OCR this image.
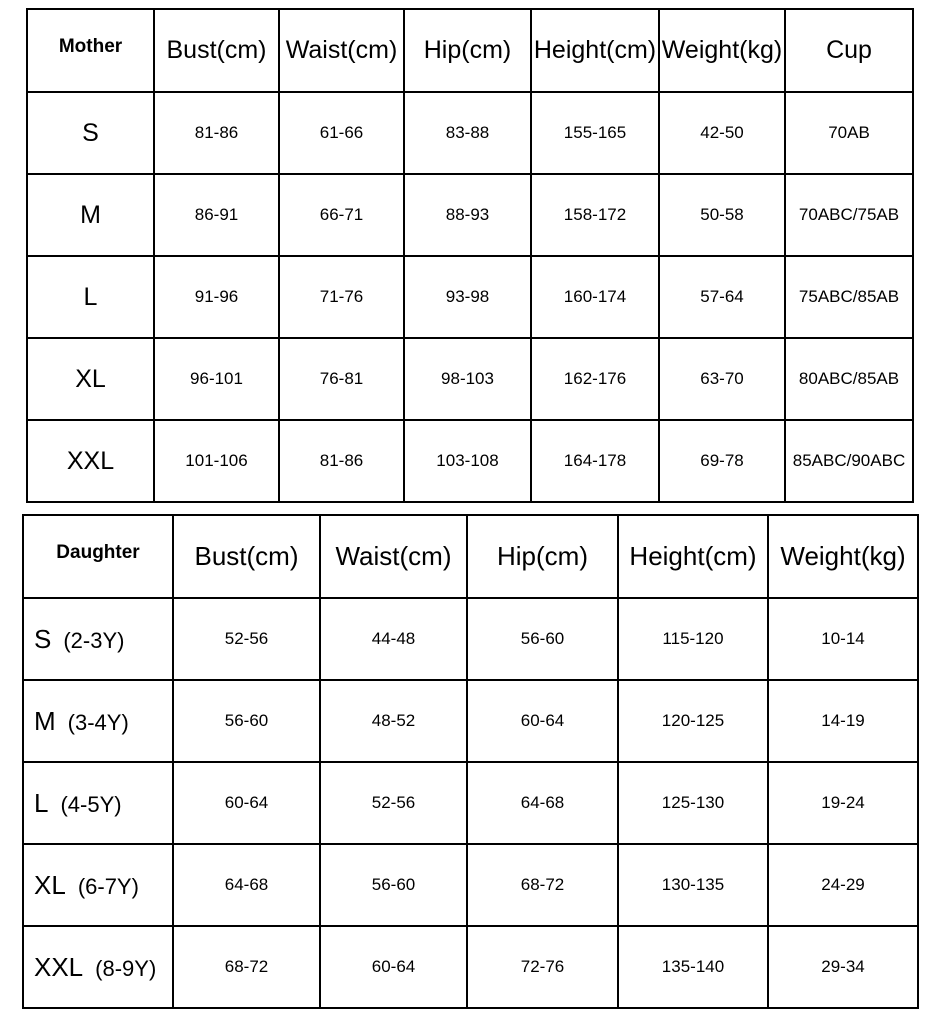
Mother	Bust(cm)	Waist(cm)	Hip(cm)	Height(cm)	Weight(kg)	Cup
S	81-86	61-66	83-88	155-165	42-50	70AB
M	86-91	66-71	88-93	158-172	50-58	70ABC/75AB
L	91-96	71-76	93-98	160-174	57-64	75ABC/85AB
XL	96-101	76-81	98-103	162-176	63-70	80ABC/85AB
XXL	101-106	81-86	103-108	164-178	69-78	85ABC/90ABC
Daughter	Bust(cm)	Waist(cm)	Hip(cm)	Height(cm)	Weight(kg)
S (2-3Y)	52-56	44-48	56-60	115-120	10-14
M (3-4Y)	56-60	48-52	60-64	120-125	14-19
L (4-5Y)	60-64	52-56	64-68	125-130	19-24
XL (6-7Y)	64-68	56-60	68-72	130-135	24-29
XXL (8-9Y)	68-72	60-64	72-76	135-140	29-34
